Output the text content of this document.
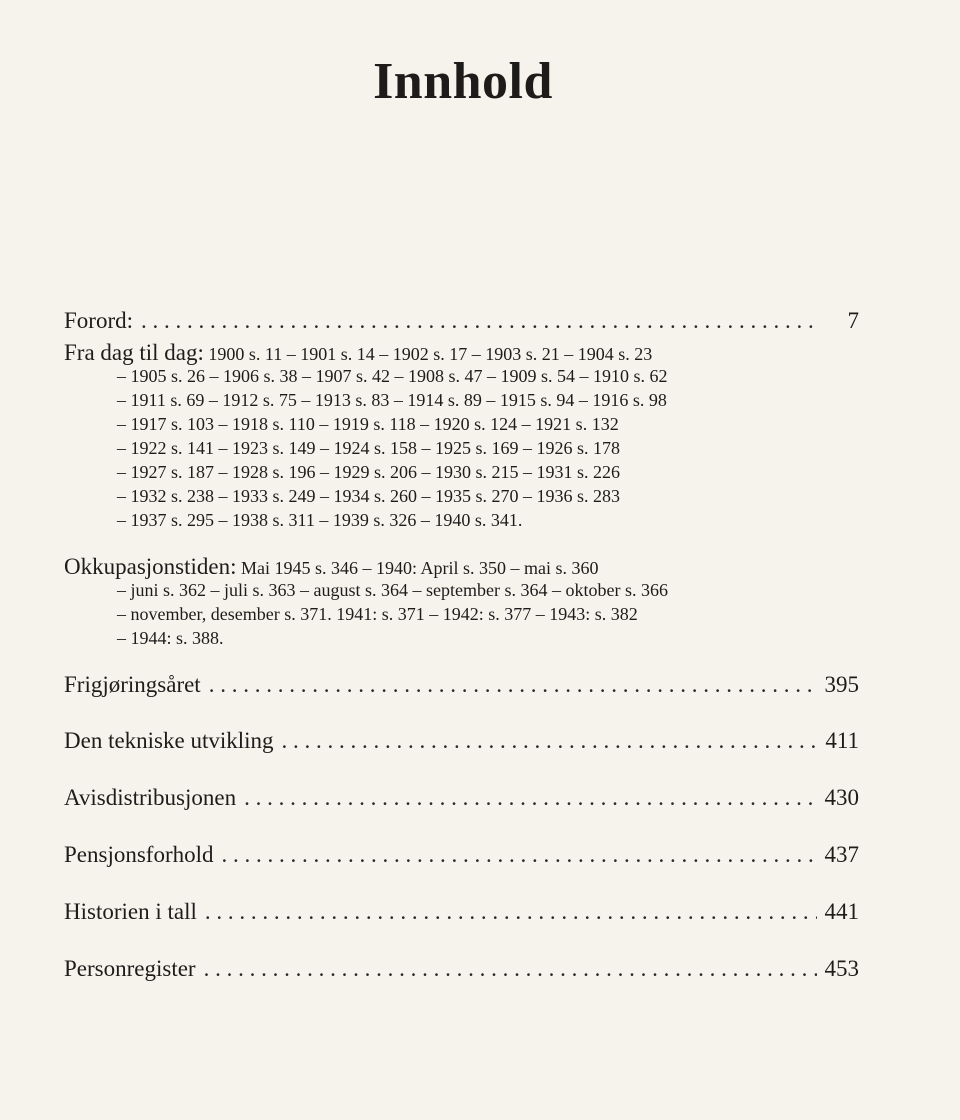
Innhold
Forord: . . .	7
Fra dag til dag: 1900 s. 11 – 1901 s. 14 – 1902 s. 17 – 1903 s. 21 – 1904 s. 23
– 1905 s. 26 – 1906 s. 38 – 1907 s. 42 – 1908 s. 47 – 1909 s. 54 – 1910 s. 62
– 1911 s. 69 – 1912 s. 75 – 1913 s. 83 – 1914 s. 89 – 1915 s. 94 – 1916 s. 98
– 1917 s. 103 – 1918 s. 110 – 1919 s. 118 – 1920 s. 124 – 1921 s. 132
– 1922 s. 141 – 1923 s. 149 – 1924 s. 158 – 1925 s. 169 – 1926 s. 178
– 1927 s. 187 – 1928 s. 196 – 1929 s. 206 – 1930 s. 215 – 1931 s. 226
– 1932 s. 238 – 1933 s. 249 – 1934 s. 260 – 1935 s. 270 – 1936 s. 283
– 1937 s. 295 – 1938 s. 311 – 1939 s. 326 – 1940 s. 341.
Okkupasjonstiden: Mai 1945 s. 346 – 1940: April s. 350 – mai s. 360
– juni s. 362 – juli s. 363 – august s. 364 – september s. 364 – oktober s. 366
– november, desember s. 371. 1941: s. 371 – 1942: s. 377 – 1943: s. 382
– 1944: s. 388.
Frigjøringsåret . . .	395
Den tekniske utvikling . . .	411
Avisdistribusjonen . . .	430
Pensjonsforhold . . .	437
Historien i tall . . .	441
Personregister . . .	453
